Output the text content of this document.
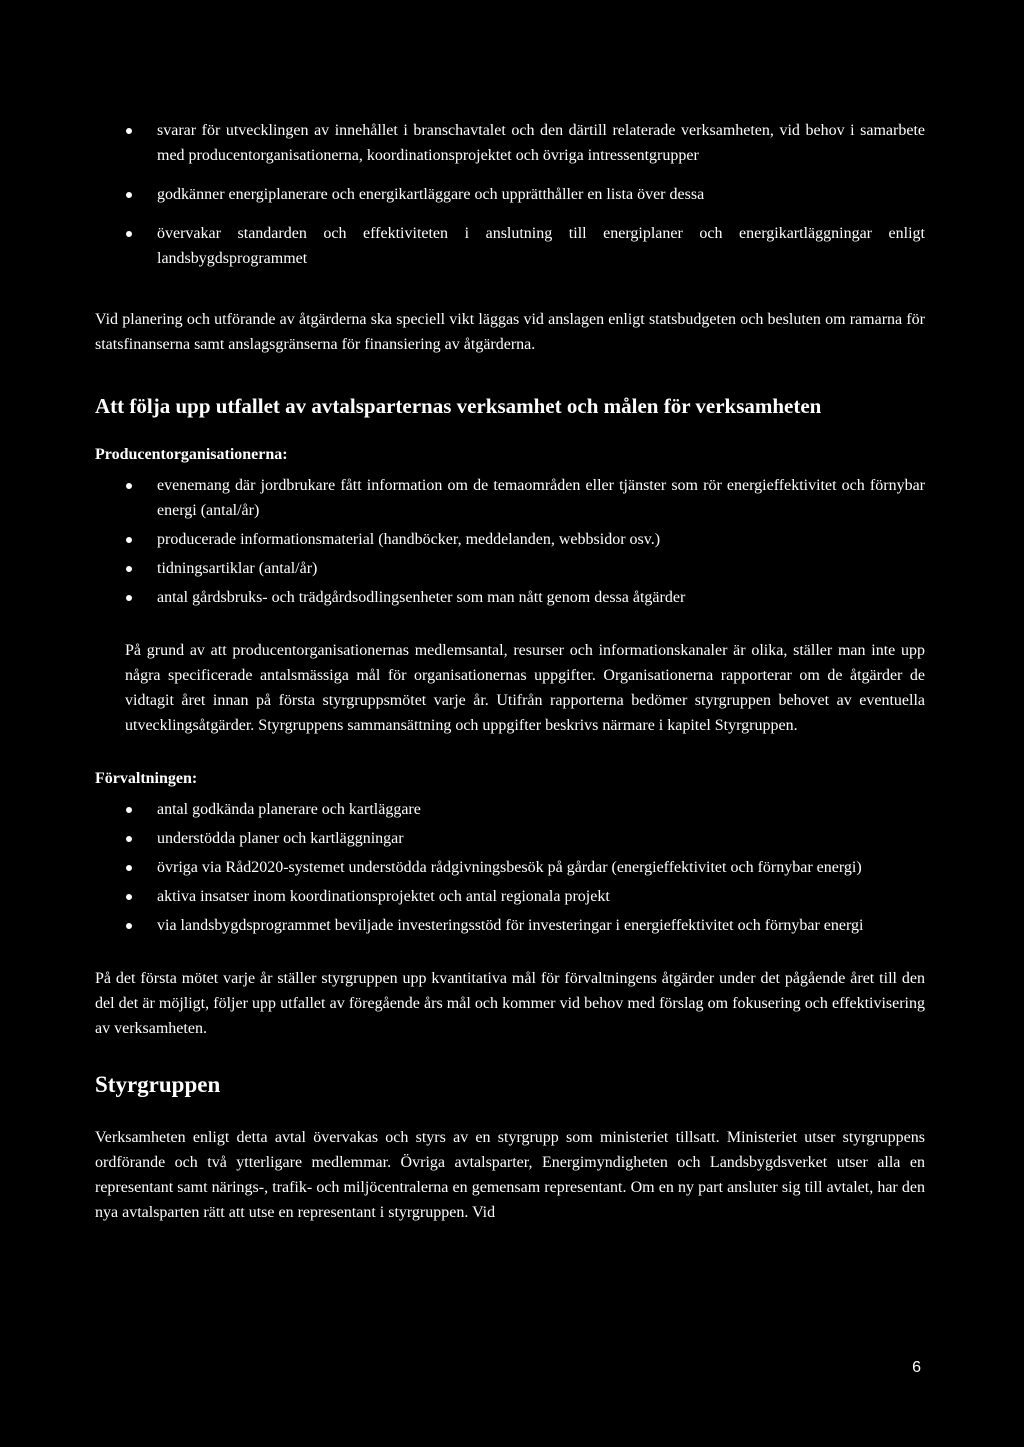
svarar för utvecklingen av innehållet i branschavtalet och den därtill relaterade verksamheten, vid behov i samarbete med producentorganisationerna, koordinationsprojektet och övriga intressentgrupper
godkänner energiplanerare och energikartläggare och upprätthåller en lista över dessa
övervakar standarden och effektiviteten i anslutning till energiplaner och energikartläggningar enligt landsbygdsprogrammet

Vid planering och utförande av åtgärderna ska speciell vikt läggas vid anslagen enligt statsbudgeten och besluten om ramarna för statsfinanserna samt anslagsgränserna för finansiering av åtgärderna.

Att följa upp utfallet av avtalsparternas verksamhet och målen för verksamheten
Producentorganisationerna:
evenemang där jordbrukare fått information om de temaområden eller tjänster som rör energieffektivitet och förnybar energi (antal/år)
producerade informationsmaterial (handböcker, meddelanden, webbsidor osv.)
tidningsartiklar (antal/år)
antal gårdsbruks- och trädgårdsodlingsenheter som man nått genom dessa åtgärder

På grund av att producentorganisationernas medlemsantal, resurser och informationskanaler är olika, ställer man inte upp några specificerade antalsmässiga mål för organisationernas uppgifter. Organisationerna rapporterar om de åtgärder de vidtagit året innan på första styrgruppsmötet varje år. Utifrån rapporterna bedömer styrgruppen behovet av eventuella utvecklingsåtgärder. Styrgruppens sammansättning och uppgifter beskrivs närmare i kapitel Styrgruppen.

Förvaltningen:
antal godkända planerare och kartläggare
understödda planer och kartläggningar
övriga via Råd2020-systemet understödda rådgivningsbesök på gårdar (energieffektivitet och förnybar energi)
aktiva insatser inom koordinationsprojektet och antal regionala projekt
via landsbygdsprogrammet beviljade investeringsstöd för investeringar i energieffektivitet och förnybar energi

På det första mötet varje år ställer styrgruppen upp kvantitativa mål för förvaltningens åtgärder under det pågående året till den del det är möjligt, följer upp utfallet av föregående års mål och kommer vid behov med förslag om fokusering och effektivisering av verksamheten.

Styrgruppen

Verksamheten enligt detta avtal övervakas och styrs av en styrgrupp som ministeriet tillsatt. Ministeriet utser styrgruppens ordförande och två ytterligare medlemmar. Övriga avtalsparter, Energimyndigheten och Landsbygdsverket utser alla en representant samt närings-, trafik- och miljöcentralerna en gemensam representant. Om en ny part ansluter sig till avtalet, har den nya avtalsparten rätt att utse en representant i styrgruppen. Vid

6
